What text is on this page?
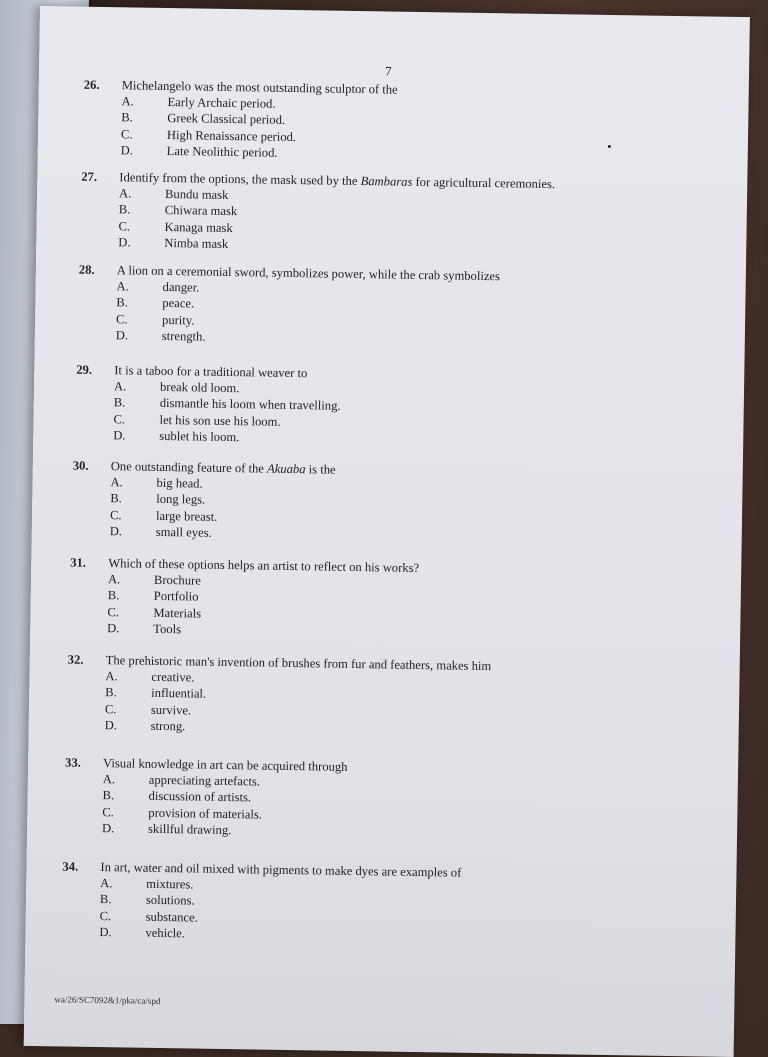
7
26. Michelangelo was the most outstanding sculptor of the
A.	Early Archaic period.
B.	Greek Classical period.
C.	High Renaissance period.
D.	Late Neolithic period.
27. Identify from the options, the mask used by the Bambaras for agricultural ceremonies.
A.	Bundu mask
B.	Chiwara mask
C.	Kanaga mask
D.	Nimba mask
28. A lion on a ceremonial sword, symbolizes power, while the crab symbolizes
A.	danger.
B.	peace.
C.	purity.
D.	strength.
29. It is a taboo for a traditional weaver to
A.	break old loom.
B.	dismantle his loom when travelling.
C.	let his son use his loom.
D.	sublet his loom.
30. One outstanding feature of the Akuaba is the
A.	big head.
B.	long legs.
C.	large breast.
D.	small eyes.
31. Which of these options helps an artist to reflect on his works?
A.	Brochure
B.	Portfolio
C.	Materials
D.	Tools
32. The prehistoric man's invention of brushes from fur and feathers, makes him
A.	creative.
B.	influential.
C.	survive.
D.	strong.
33. Visual knowledge in art can be acquired through
A.	appreciating artefacts.
B.	discussion of artists.
C.	provision of materials.
D.	skillful drawing.
34. In art, water and oil mixed with pigments to make dyes are examples of
A.	mixtures.
B.	solutions.
C.	substance.
D.	vehicle.
wa/26/SC7092&1/pka/ca/spd
